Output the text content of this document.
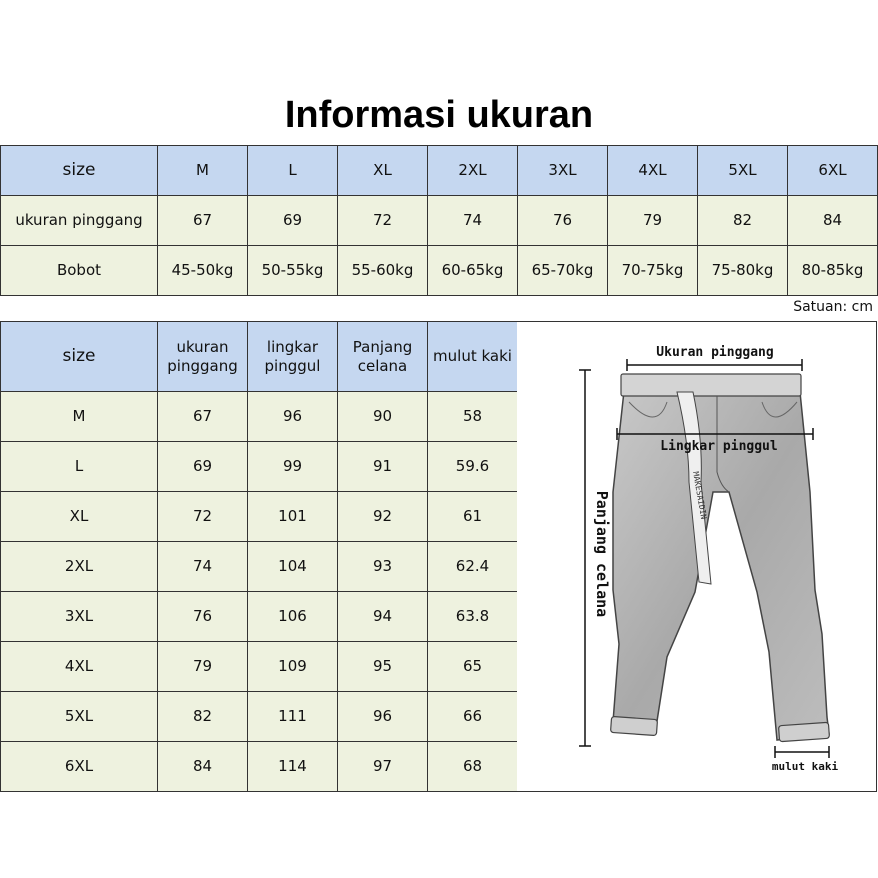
Informasi ukuran
size	M	L	XL	2XL	3XL	4XL	5XL	6XL
ukuran pinggang	67	69	72	74	76	79	82	84
Bobot	45-50kg	50-55kg	55-60kg	60-65kg	65-70kg	70-75kg	75-80kg	80-85kg
Satuan: cm
size	ukuran pinggang	lingkar pinggul	Panjang celana	mulut kaki
M	67	96	90	58
L	69	99	91	59.6
XL	72	101	92	61
2XL	74	104	93	62.4
3XL	76	106	94	63.8
4XL	79	109	95	65
5XL	82	111	96	66
6XL	84	114	97	68
MAKESAIDIN
Ukuran pinggang
Lingkar pinggul
Panjang celana
mulut kaki
